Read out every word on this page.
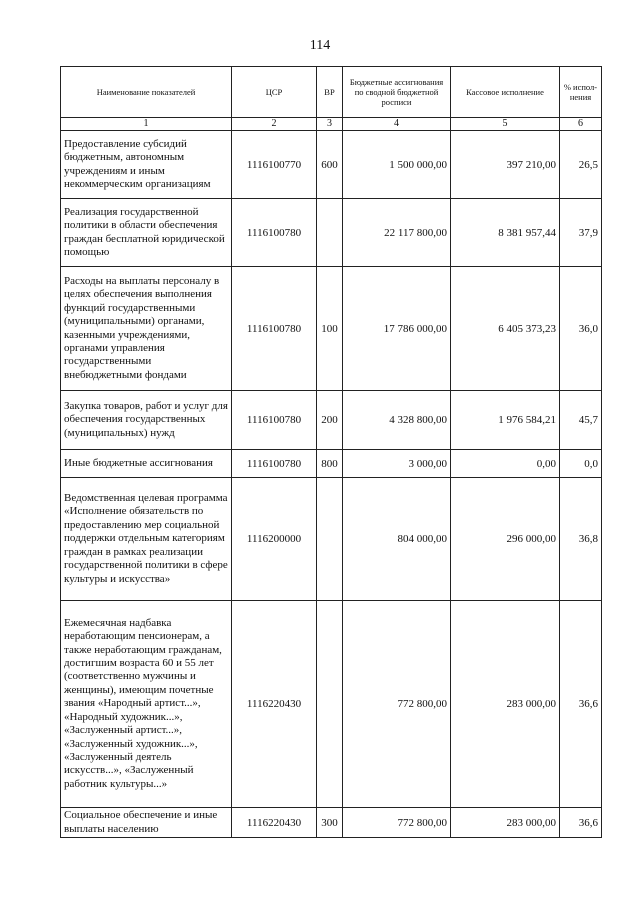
114
Наименование показателей	ЦСР	ВР	Бюджетные ассигнования по сводной бюджетной росписи	Кассовое исполнение	% испол-нения
1	2	3	4	5	6
Предоставление субсидий бюджетным, автономным учреждениям и иным некоммерческим организациям	1116100770	600	1 500 000,00	397 210,00	26,5
Реализация государственной политики в области обеспечения граждан бесплатной юридической помощью	1116100780		22 117 800,00	8 381 957,44	37,9
Расходы на выплаты персоналу в целях обеспечения выполнения функций государственными (муниципальными) органами, казенными учреждениями, органами управления государственными внебюджетными фондами	1116100780	100	17 786 000,00	6 405 373,23	36,0
Закупка товаров, работ и услуг для обеспечения государственных (муниципальных) нужд	1116100780	200	4 328 800,00	1 976 584,21	45,7
Иные бюджетные ассигнования	1116100780	800	3 000,00	0,00	0,0
Ведомственная целевая программа «Исполнение обязательств по предоставлению мер социальной поддержки отдельным категориям граждан в рамках реализации государственной политики в сфере культуры и искусства»	1116200000		804 000,00	296 000,00	36,8
Ежемесячная надбавка неработающим пенсионерам, а также неработающим гражданам, достигшим возраста 60 и 55 лет (соответственно мужчины и женщины), имеющим почетные звания «Народный артист...», «Народный художник...», «Заслуженный артист...», «Заслуженный художник...», «Заслуженный деятель искусств...», «Заслуженный работник культуры...»	1116220430		772 800,00	283 000,00	36,6
Социальное обеспечение и иные выплаты населению	1116220430	300	772 800,00	283 000,00	36,6
